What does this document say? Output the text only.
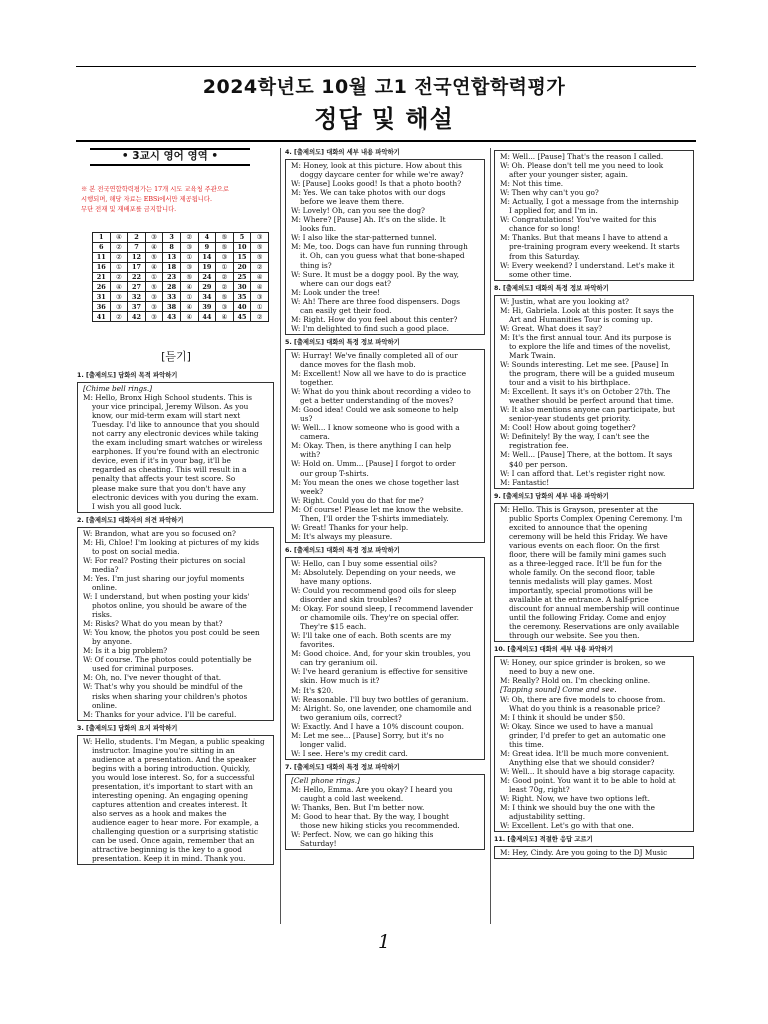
2024학년도 10월 고1 전국연합학력평가
정답 및 해설
• 3교시 영어 영역 •
※ 본 전국연합학력평가는 17개 시도 교육청 주관으로
시행되며, 해당 자료는 EBSi에서만 제공됩니다.
무단 전재 및 재배포를 금지합니다.
1	④	2	③	3	②	4	⑤	5	③
6	②	7	④	8	③	9	⑤	10	⑤
11	②	12	⑤	13	①	14	③	15	⑤
16	①	17	④	18	③	19	①	20	②
21	②	22	①	23	⑤	24	②	25	④
26	④	27	⑤	28	④	29	②	30	④
31	③	32	③	33	①	34	⑤	35	③
36	③	37	③	38	④	39	③	40	①
41	②	42	③	43	④	44	④	45	②
[듣기]
1. [출제의도] 담화의 목적 파악하기

[Chime bell rings.]

M: Hello, Bronx High School students. This is

your vice principal, Jeremy Wilson. As you

know, our mid-term exam will start next

Tuesday. I'd like to announce that you should

not carry any electronic devices while taking

the exam including smart watches or wireless

earphones. If you're found with an electronic

device, even if it's in your bag, it'll be

regarded as cheating. This will result in a

penalty that affects your test score. So

please make sure that you don't have any

electronic devices with you during the exam.

I wish you all good luck.

2. [출제의도] 대화자의 의견 파악하기

W: Brandon, what are you so focused on?

M: Hi, Chloe! I'm looking at pictures of my kids

to post on social media.

W: For real? Posting their pictures on social

media?

M: Yes. I'm just sharing our joyful moments

online.

W: I understand, but when posting your kids'

photos online, you should be aware of the

risks.

M: Risks? What do you mean by that?

W: You know, the photos you post could be seen

by anyone.

M: Is it a big problem?

W: Of course. The photos could potentially be

used for criminal purposes.

M: Oh, no. I've never thought of that.

W: That's why you should be mindful of the

risks when sharing your children's photos

online.

M: Thanks for your advice. I'll be careful.

3. [출제의도] 담화의 요지 파악하기

W: Hello, students. I'm Megan, a public speaking

instructor. Imagine you're sitting in an

audience at a presentation. And the speaker

begins with a boring introduction. Quickly,

you would lose interest. So, for a successful

presentation, it's important to start with an

interesting opening. An engaging opening

captures attention and creates interest. It

also serves as a hook and makes the

audience eager to hear more. For example, a

challenging question or a surprising statistic

can be used. Once again, remember that an

attractive beginning is the key to a good

presentation. Keep it in mind. Thank you.

4. [출제의도] 대화의 세부 내용 파악하기

M: Honey, look at this picture. How about this

doggy daycare center for while we're away?

W: [Pause] Looks good! Is that a photo booth?

M: Yes. We can take photos with our dogs

before we leave them there.

W: Lovely! Oh, can you see the dog?

M: Where? [Pause] Ah. It's on the slide. It

looks fun.

W: I also like the star-patterned tunnel.

M: Me, too. Dogs can have fun running through

it. Oh, can you guess what that bone-shaped

thing is?

W: Sure. It must be a doggy pool. By the way,

where can our dogs eat?

M: Look under the tree!

W: Ah! There are three food dispensers. Dogs

can easily get their food.

M: Right. How do you feel about this center?

W: I'm delighted to find such a good place.

5. [출제의도] 대화의 특정 정보 파악하기

W: Hurray! We've finally completed all of our

dance moves for the flash mob.

M: Excellent! Now all we have to do is practice

together.

W: What do you think about recording a video to

get a better understanding of the moves?

M: Good idea! Could we ask someone to help

us?

W: Well... I know someone who is good with a

camera.

M: Okay. Then, is there anything I can help

with?

W: Hold on. Umm... [Pause] I forgot to order

our group T-shirts.

M: You mean the ones we chose together last

week?

W: Right. Could you do that for me?

M: Of course! Please let me know the website.

Then, I'll order the T-shirts immediately.

W: Great! Thanks for your help.

M: It's always my pleasure.

6. [출제의도] 대화의 특정 정보 파악하기

W: Hello, can I buy some essential oils?

M: Absolutely. Depending on your needs, we

have many options.

W: Could you recommend good oils for sleep

disorder and skin troubles?

M: Okay. For sound sleep, I recommend lavender

or chamomile oils. They're on special offer.

They're $15 each.

W: I'll take one of each. Both scents are my

favorites.

M: Good choice. And, for your skin troubles, you

can try geranium oil.

W: I've heard geranium is effective for sensitive

skin. How much is it?

M: It's $20.

W: Reasonable. I'll buy two bottles of geranium.

M: Alright. So, one lavender, one chamomile and

two geranium oils, correct?

W: Exactly. And I have a 10% discount coupon.

M: Let me see... [Pause] Sorry, but it's no

longer valid.

W: I see. Here's my credit card.

7. [출제의도] 대화의 특정 정보 파악하기

[Cell phone rings.]

M: Hello, Emma. Are you okay? I heard you

caught a cold last weekend.

W: Thanks, Ben. But I'm better now.

M: Good to hear that. By the way, I bought

those new hiking sticks you recommended.

W: Perfect. Now, we can go hiking this

Saturday!

M: Well... [Pause] That's the reason I called.

W: Oh. Please don't tell me you need to look

after your younger sister, again.

M: Not this time.

W: Then why can't you go?

M: Actually, I got a message from the internship

I applied for, and I'm in.

W: Congratulations! You've waited for this

chance for so long!

M: Thanks. But that means I have to attend a

pre-training program every weekend. It starts

from this Saturday.

W: Every weekend? I understand. Let's make it

some other time.

8. [출제의도] 대화의 특정 정보 파악하기

W: Justin, what are you looking at?

M: Hi, Gabriela. Look at this poster. It says the

Art and Humanities Tour is coming up.

W: Great. What does it say?

M: It's the first annual tour. And its purpose is

to explore the life and times of the novelist,

Mark Twain.

W: Sounds interesting. Let me see. [Pause] In

the program, there will be a guided museum

tour and a visit to his birthplace.

M: Excellent. It says it's on October 27th. The

weather should be perfect around that time.

W: It also mentions anyone can participate, but

senior-year students get priority.

M: Cool! How about going together?

W: Definitely! By the way, I can't see the

registration fee.

M: Well... [Pause] There, at the bottom. It says

$40 per person.

W: I can afford that. Let's register right now.

M: Fantastic!

9. [출제의도] 담화의 세부 내용 파악하기

M: Hello. This is Grayson, presenter at the

public Sports Complex Opening Ceremony. I'm

excited to announce that the opening

ceremony will be held this Friday. We have

various events on each floor. On the first

floor, there will be family mini games such

as a three-legged race. It'll be fun for the

whole family. On the second floor, table

tennis medalists will play games. Most

importantly, special promotions will be

available at the entrance. A half-price

discount for annual membership will continue

until the following Friday. Come and enjoy

the ceremony. Reservations are only available

through our website. See you then.

10. [출제의도] 대화의 세부 내용 파악하기

W: Honey, our spice grinder is broken, so we

need to buy a new one.

M: Really? Hold on. I'm checking online.

[Tapping sound] Come and see.

W: Oh, there are five models to choose from.

What do you think is a reasonable price?

M: I think it should be under $50.

W: Okay. Since we used to have a manual

grinder, I'd prefer to get an automatic one

this time.

M: Great idea. It'll be much more convenient.

Anything else that we should consider?

W: Well... It should have a big storage capacity.

M: Good point. You want it to be able to hold at

least 70g, right?

W: Right. Now, we have two options left.

M: I think we should buy the one with the

adjustability setting.

W: Excellent. Let's go with that one.

11. [출제의도] 적절한 응답 고르기

M: Hey, Cindy. Are you going to the DJ Music

1
